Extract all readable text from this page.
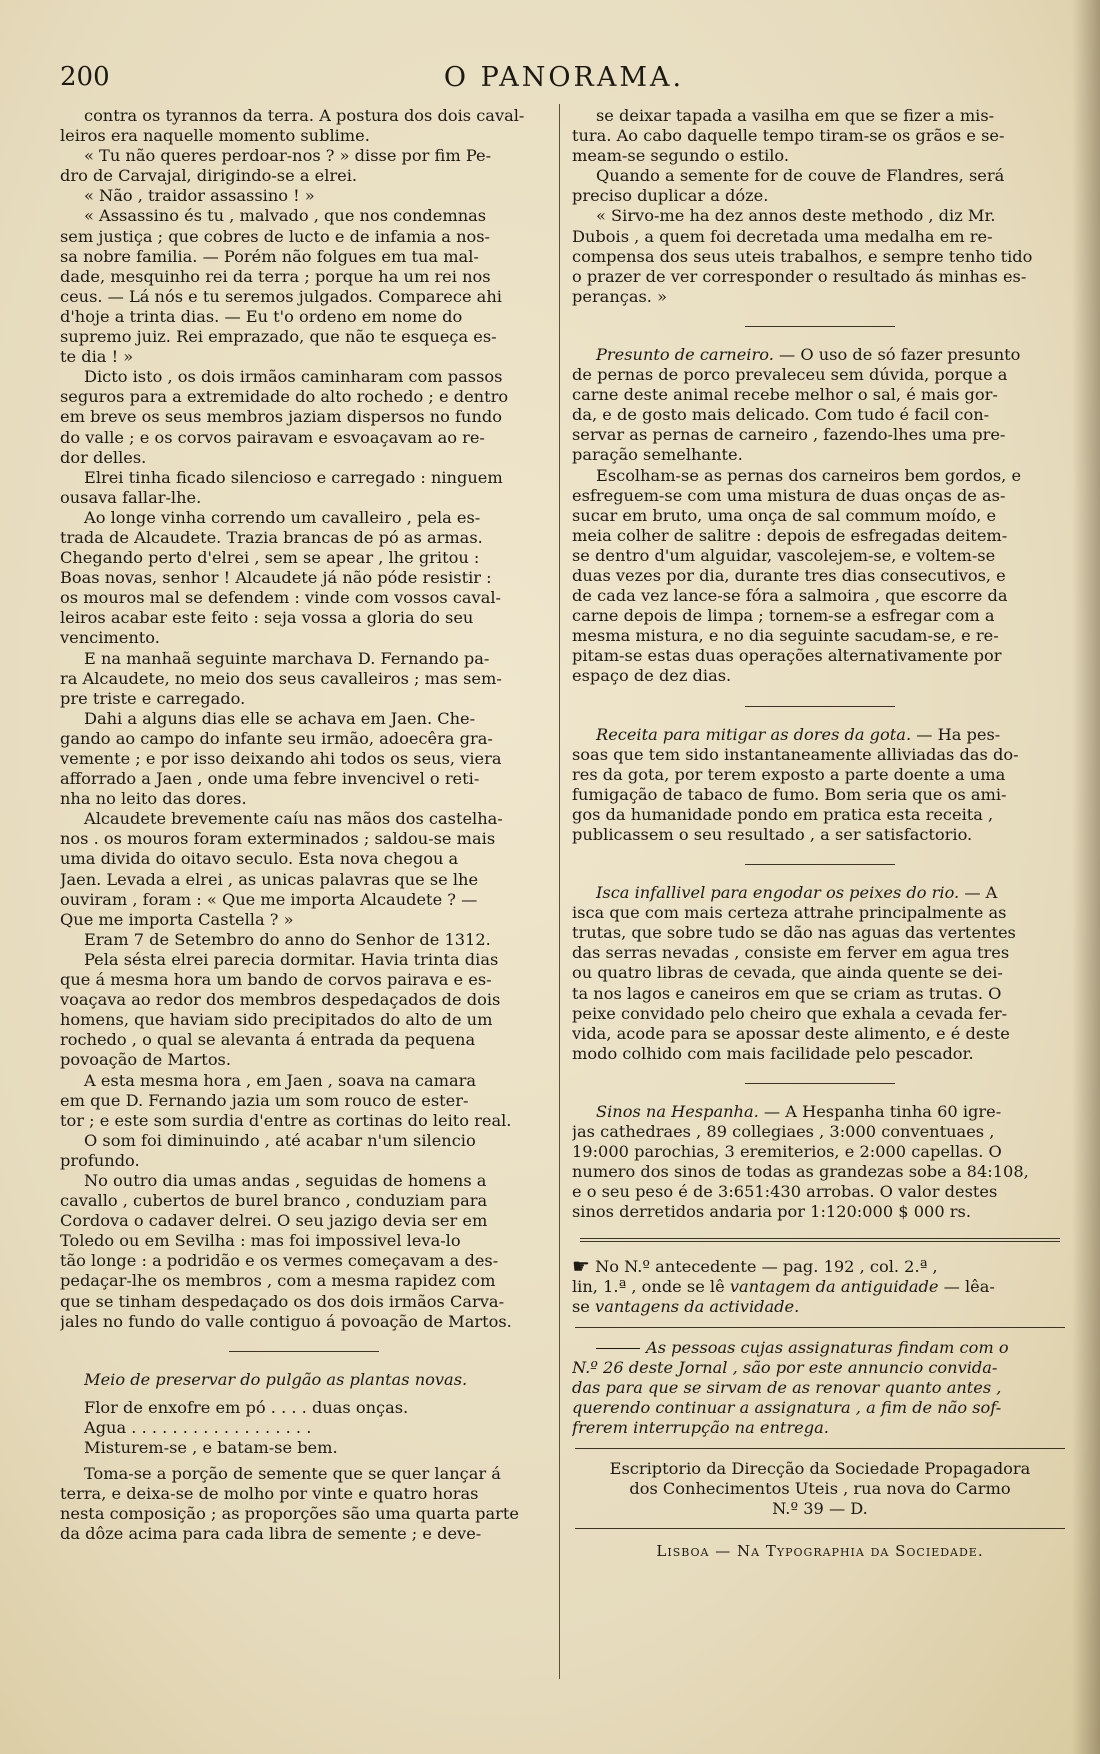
200	O PANORAMA.

contra os tyrannos da terra. A postura dos dois caval-

leiros era naquelle momento sublime.

« Tu não queres perdoar-nos ? » disse por fim Pe-

dro de Carvajal, dirigindo-se a elrei.

« Não , traidor assassino ! »

« Assassino és tu , malvado , que nos condemnas

sem justiça ; que cobres de lucto e de infamia a nos-

sa nobre familia. — Porém não folgues em tua mal-

dade, mesquinho rei da terra ; porque ha um rei nos

ceus. — Lá nós e tu seremos julgados. Comparece ahi

d'hoje a trinta dias. — Eu t'o ordeno em nome do

supremo juiz. Rei emprazado, que não te esqueça es-

te dia ! »

Dicto isto , os dois irmãos caminharam com passos

seguros para a extremidade do alto rochedo ; e dentro

em breve os seus membros jaziam dispersos no fundo

do valle ; e os corvos pairavam e esvoaçavam ao re-

dor delles.

Elrei tinha ficado silencioso e carregado : ninguem

ousava fallar-lhe.

Ao longe vinha correndo um cavalleiro , pela es-

trada de Alcaudete. Trazia brancas de pó as armas.

Chegando perto d'elrei , sem se apear , lhe gritou :

Boas novas, senhor ! Alcaudete já não póde resistir :

os mouros mal se defendem : vinde com vossos caval-

leiros acabar este feito : seja vossa a gloria do seu

vencimento.

E na manhaã seguinte marchava D. Fernando pa-

ra Alcaudete, no meio dos seus cavalleiros ; mas sem-

pre triste e carregado.

Dahi a alguns dias elle se achava em Jaen. Che-

gando ao campo do infante seu irmão, adoecêra gra-

vemente ; e por isso deixando ahi todos os seus, viera

afforrado a Jaen , onde uma febre invencivel o reti-

nha no leito das dores.

Alcaudete brevemente caíu nas mãos dos castelha-

nos . os mouros foram exterminados ; saldou-se mais

uma divida do oitavo seculo. Esta nova chegou a

Jaen. Levada a elrei , as unicas palavras que se lhe

ouviram , foram : « Que me importa Alcaudete ? —

Que me importa Castella ? »

Eram 7 de Setembro do anno do Senhor de 1312.

Pela sésta elrei parecia dormitar. Havia trinta dias

que á mesma hora um bando de corvos pairava e es-

voaçava ao redor dos membros despedaçados de dois

homens, que haviam sido precipitados do alto de um

rochedo , o qual se alevanta á entrada da pequena

povoação de Martos.

A esta mesma hora , em Jaen , soava na camara

em que D. Fernando jazia um som rouco de ester-

tor ; e este som surdia d'entre as cortinas do leito real.

O som foi diminuindo , até acabar n'um silencio

profundo.

No outro dia umas andas , seguidas de homens a

cavallo , cubertos de burel branco , conduziam para

Cordova o cadaver delrei. O seu jazigo devia ser em

Toledo ou em Sevilha : mas foi impossivel leva-lo

tão longe : a podridão e os vermes começavam a des-

pedaçar-lhe os membros , com a mesma rapidez com

que se tinham despedaçado os dos dois irmãos Carva-

jales no fundo do valle contiguo á povoação de Martos.

Meio de preservar do pulgão as plantas novas.

Flor de enxofre em pó . . . . duas onças.

Agua . . . . . . . . . . . . . . . . . .

Misturem-se , e batam-se bem.

Toma-se a porção de semente que se quer lançar á

terra, e deixa-se de molho por vinte e quatro horas

nesta composição ; as proporções são uma quarta parte

da dôze acima para cada libra de semente ; e deve-

se deixar tapada a vasilha em que se fizer a mis-

tura. Ao cabo daquelle tempo tiram-se os grãos e se-

meam-se segundo o estilo.

Quando a semente for de couve de Flandres, será

preciso duplicar a dóze.

« Sirvo-me ha dez annos deste methodo , diz Mr.

Dubois , a quem foi decretada uma medalha em re-

compensa dos seus uteis trabalhos, e sempre tenho tido

o prazer de ver corresponder o resultado ás minhas es-

peranças. »

Presunto de carneiro. — O uso de só fazer presunto

de pernas de porco prevaleceu sem dúvida, porque a

carne deste animal recebe melhor o sal, é mais gor-

da, e de gosto mais delicado. Com tudo é facil con-

servar as pernas de carneiro , fazendo-lhes uma pre-

paração semelhante.

Escolham-se as pernas dos carneiros bem gordos, e

esfreguem-se com uma mistura de duas onças de as-

sucar em bruto, uma onça de sal commum moído, e

meia colher de salitre : depois de esfregadas deitem-

se dentro d'um alguidar, vascolejem-se, e voltem-se

duas vezes por dia, durante tres dias consecutivos, e

de cada vez lance-se fóra a salmoira , que escorre da

carne depois de limpa ; tornem-se a esfregar com a

mesma mistura, e no dia seguinte sacudam-se, e re-

pitam-se estas duas operações alternativamente por

espaço de dez dias.

Receita para mitigar as dores da gota. — Ha pes-

soas que tem sido instantaneamente alliviadas das do-

res da gota, por terem exposto a parte doente a uma

fumigação de tabaco de fumo. Bom seria que os ami-

gos da humanidade pondo em pratica esta receita ,

publicassem o seu resultado , a ser satisfactorio.

Isca infallivel para engodar os peixes do rio. — A

isca que com mais certeza attrahe principalmente as

trutas, que sobre tudo se dão nas aguas das vertentes

das serras nevadas , consiste em ferver em agua tres

ou quatro libras de cevada, que ainda quente se dei-

ta nos lagos e caneiros em que se criam as trutas. O

peixe convidado pelo cheiro que exhala a cevada fer-

vida, acode para se apossar deste alimento, e é deste

modo colhido com mais facilidade pelo pescador.

Sinos na Hespanha. — A Hespanha tinha 60 igre-

jas cathedraes , 89 collegiaes , 3:000 conventuaes ,

19:000 parochias, 3 eremiterios, e 2:000 capellas. O

numero dos sinos de todas as grandezas sobe a 84:108,

e o seu peso é de 3:651:430 arrobas. O valor destes

sinos derretidos andaria por 1:120:000 $ 000 rs.

☛ No N.º antecedente — pag. 192 , col. 2.ª ,

lin, 1.ª , onde se lê vantagem da antiguidade — lêa-

se vantagens da actividade.

As pessoas cujas assignaturas findam com o

N.º 26 deste Jornal , são por este annuncio convida-

das para que se sirvam de as renovar quanto antes ,

querendo continuar a assignatura , a fim de não sof-

frerem interrupção na entrega.

Escriptorio da Direcção da Sociedade Propagadora

dos Conhecimentos Uteis , rua nova do Carmo

N.º 39 — D.

Lisboa — Na Typographia da Sociedade.
